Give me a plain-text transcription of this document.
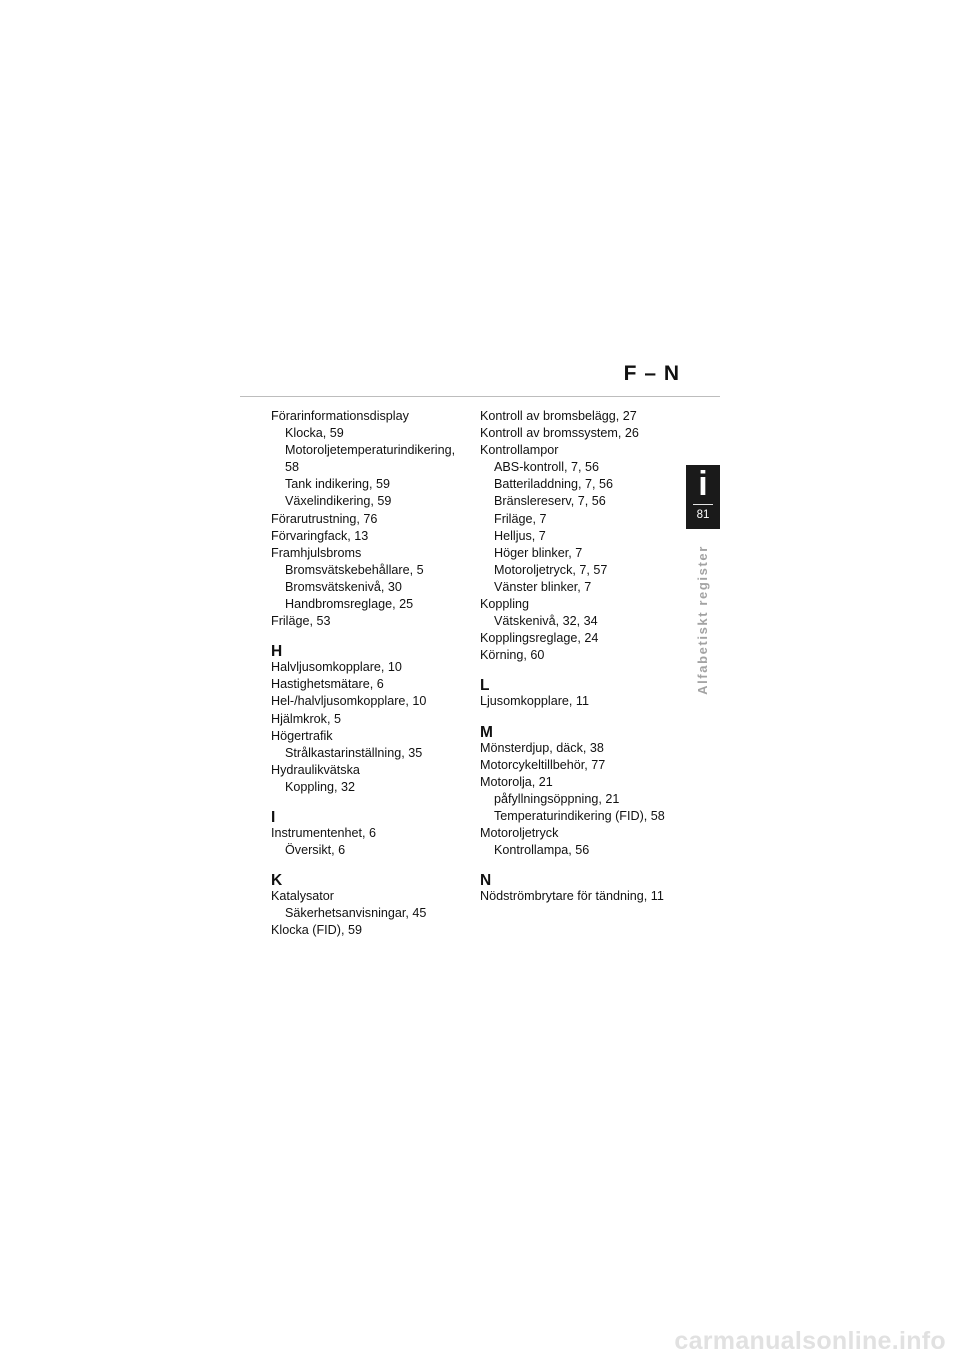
F – N
Förarinformationsdisplay
Klocka, 59
Motoroljetemperaturindikering,
58
Tank indikering, 59
Växelindikering, 59
Förarutrustning, 76
Förvaringfack, 13
Framhjulsbroms
Bromsvätskebehållare, 5
Bromsvätskenivå, 30
Handbromsreglage, 25
Friläge, 53
H
Halvljusomkopplare, 10
Hastighetsmätare, 6
Hel-/halvljusomkopplare, 10
Hjälmkrok, 5
Högertrafik
Strålkastarinställning, 35
Hydraulikvätska
Koppling, 32
I
Instrumentenhet, 6
Översikt, 6
K
Katalysator
Säkerhetsanvisningar, 45
Klocka (FID), 59
Kontroll av bromsbelägg, 27
Kontroll av bromssystem, 26
Kontrollampor
ABS-kontroll, 7, 56
Batteriladdning, 7, 56
Bränslereserv, 7, 56
Friläge, 7
Helljus, 7
Höger blinker, 7
Motoroljetryck, 7, 57
Vänster blinker, 7
Koppling
Vätskenivå, 32, 34
Kopplingsreglage, 24
Körning, 60
L
Ljusomkopplare, 11
M
Mönsterdjup, däck, 38
Motorcykeltillbehör, 77
Motorolja, 21
påfyllningsöppning, 21
Temperaturindikering (FID), 58
Motoroljetryck
Kontrollampa, 56
N
Nödströmbrytare för tändning, 11
i
81
Alfabetiskt register
carmanualsonline.info
